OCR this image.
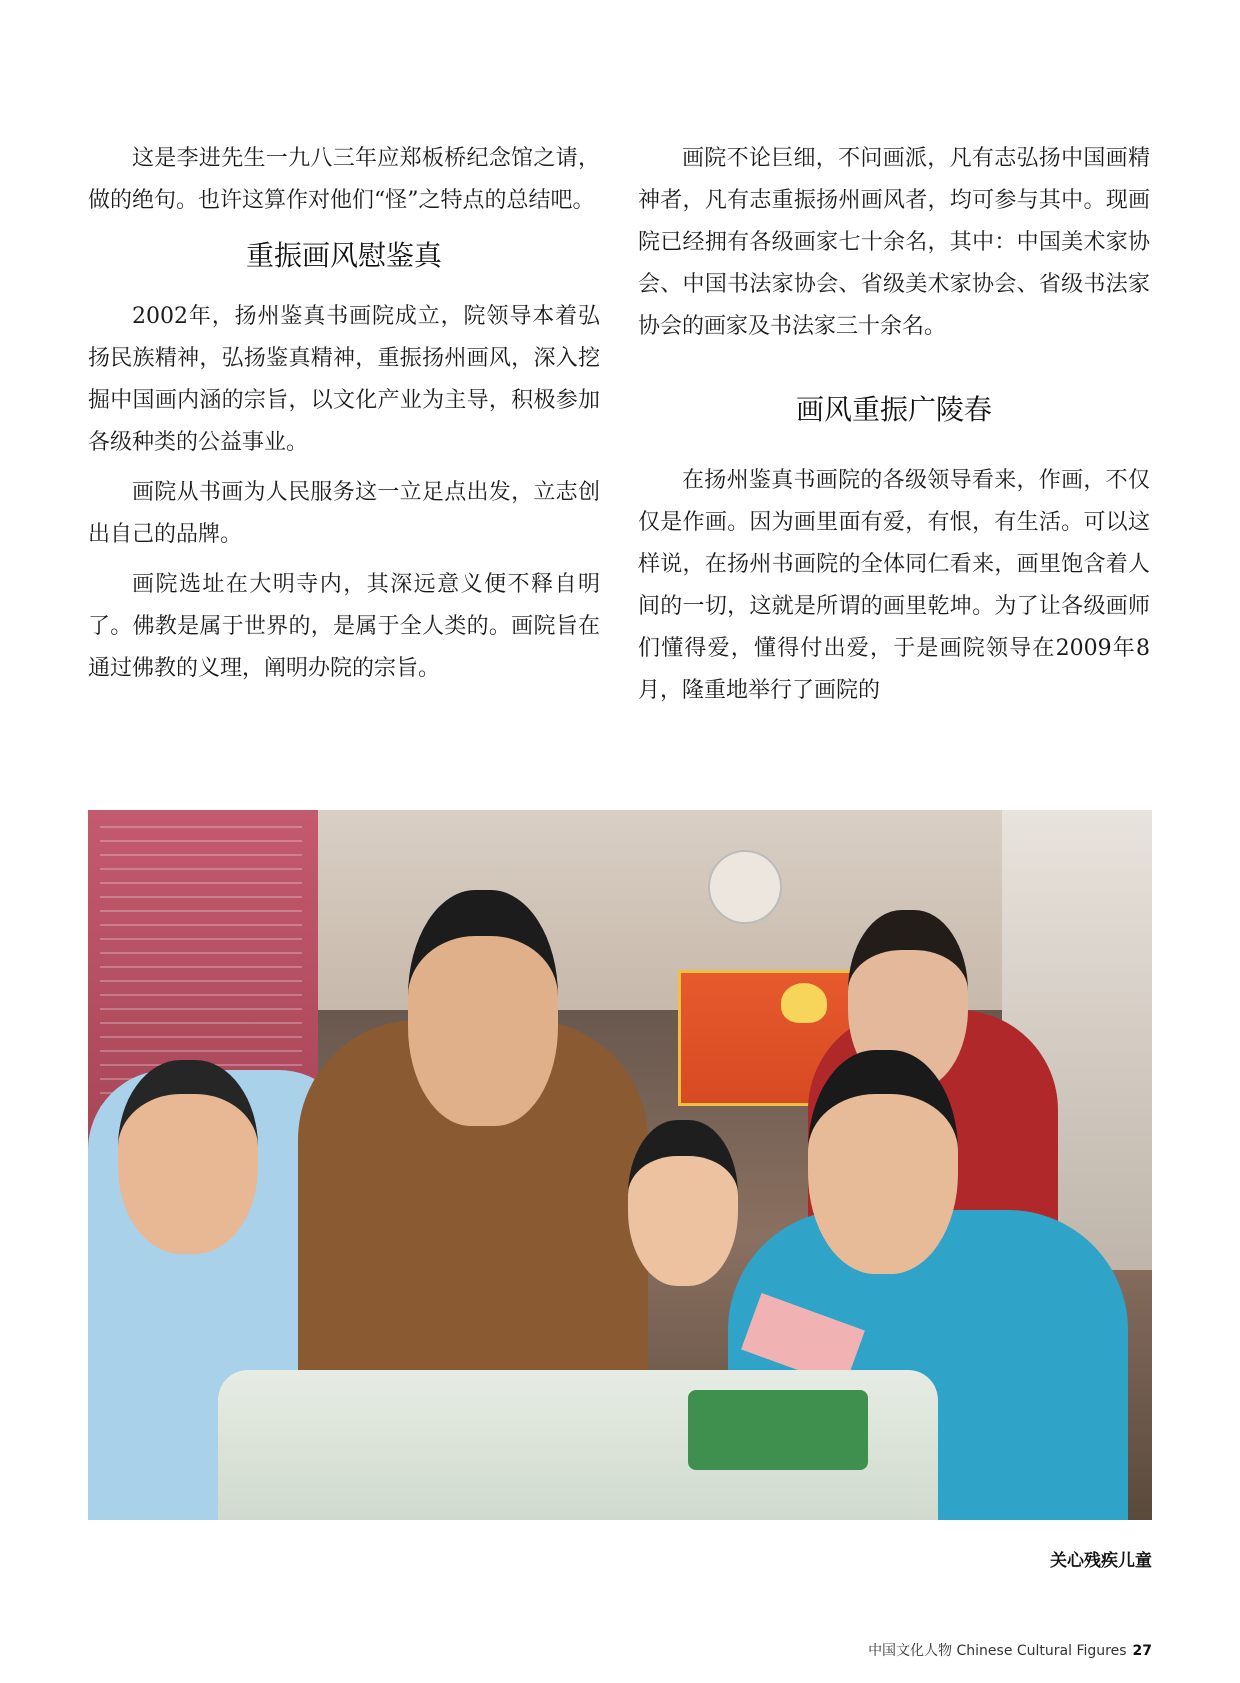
这是李进先生一九八三年应郑板桥纪念馆之请，做的绝句。也许这算作对他们“怪”之特点的总结吧。

重振画风慰鉴真

2002年，扬州鉴真书画院成立，院领导本着弘扬民族精神，弘扬鉴真精神，重振扬州画风，深入挖掘中国画内涵的宗旨，以文化产业为主导，积极参加各级种类的公益事业。

画院从书画为人民服务这一立足点出发，立志创出自己的品牌。

画院选址在大明寺内，其深远意义便不释自明了。佛教是属于世界的，是属于全人类的。画院旨在通过佛教的义理，阐明办院的宗旨。

画院不论巨细，不问画派，凡有志弘扬中国画精神者，凡有志重振扬州画风者，均可参与其中。现画院已经拥有各级画家七十余名，其中：中国美术家协会、中国书法家协会、省级美术家协会、省级书法家协会的画家及书法家三十余名。

画风重振广陵春

在扬州鉴真书画院的各级领导看来，作画，不仅仅是作画。因为画里面有爱，有恨，有生活。可以这样说，在扬州书画院的全体同仁看来，画里饱含着人间的一切，这就是所谓的画里乾坤。为了让各级画师们懂得爱，懂得付出爱，于是画院领导在2009年8月，隆重地举行了画院的

关心残疾儿童
中国文化人物 Chinese Cultural Figures 27
